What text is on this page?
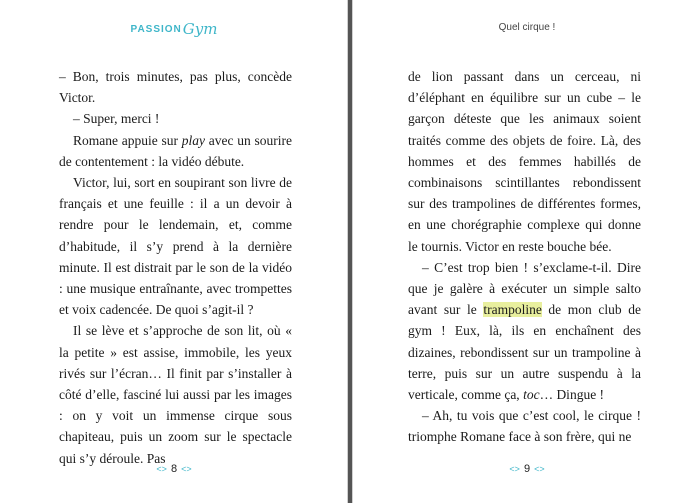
PASSIONGym

– Bon, trois minutes, pas plus, concède Victor.

– Super, merci !

Romane appuie sur play avec un sourire de contentement : la vidéo débute.

Victor, lui, sort en soupirant son livre de français et une feuille : il a un devoir à rendre pour le lendemain, et, comme d’habitude, il s’y prend à la dernière minute. Il est distrait par le son de la vidéo : une musique entraînante, avec trompettes et voix cadencée. De quoi s’agit-il ?

Il se lève et s’approche de son lit, où « la petite » est assise, immobile, les yeux rivés sur l’écran… Il finit par s’installer à côté d’elle, fasciné lui aussi par les images : on y voit un immense cirque sous chapiteau, puis un zoom sur le spectacle qui s’y déroule. Pas

<> 8 <>
Quel cirque !

de lion passant dans un cerceau, ni d’éléphant en équilibre sur un cube – le garçon déteste que les animaux soient traités comme des objets de foire. Là, des hommes et des femmes habillés de combinaisons scintillantes rebondissent sur des trampolines de différentes formes, en une chorégraphie complexe qui donne le tournis. Victor en reste bouche bée.

– C’est trop bien ! s’exclame-t-il. Dire que je galère à exécuter un simple salto avant sur le trampoline de mon club de gym ! Eux, là, ils en enchaînent des dizaines, rebondissent sur un trampoline à terre, puis sur un autre suspendu à la verticale, comme ça, toc… Dingue !

– Ah, tu vois que c’est cool, le cirque ! triomphe Romane face à son frère, qui ne

<> 9 <>
